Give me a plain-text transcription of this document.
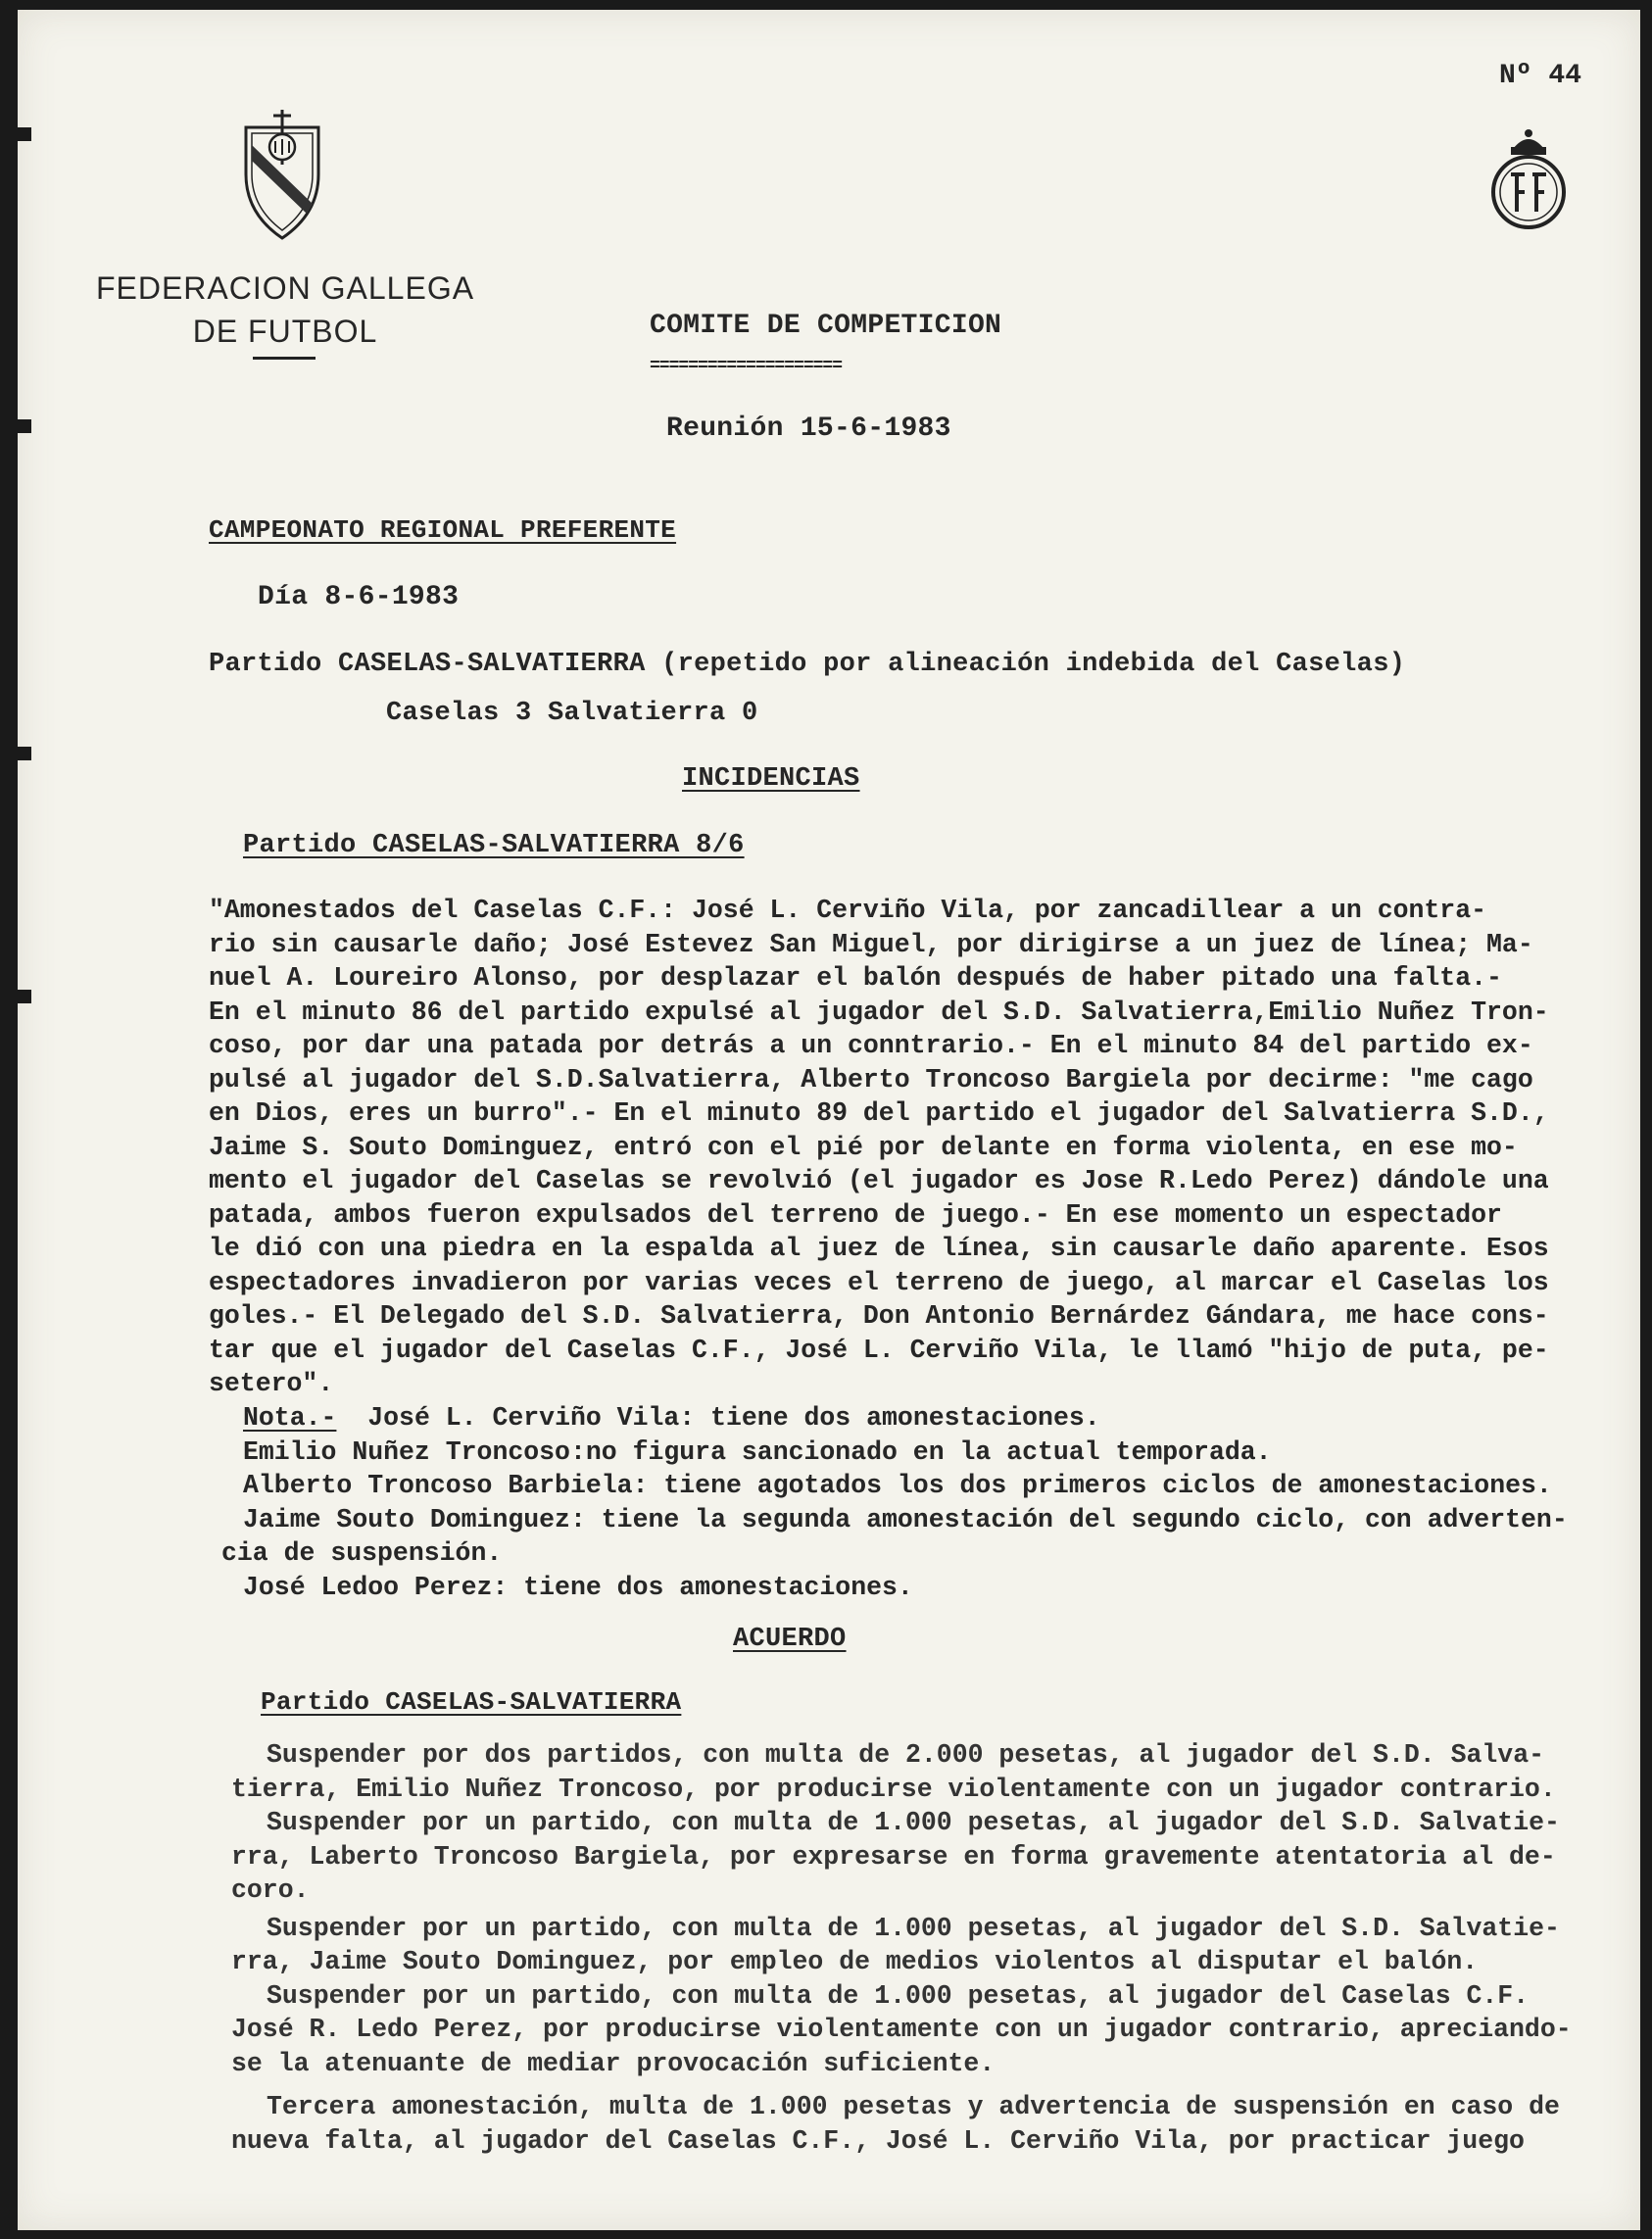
Nº 44
FEDERACION GALLEGA
DE FUTBOL	COMITE DE COMPETICION
====================
Reunión 15-6-1983
CAMPEONATO REGIONAL PREFERENTE
Día 8-6-1983
Partido CASELAS-SALVATIERRA (repetido por alineación indebida del Caselas)
Caselas 3 Salvatierra 0
INCIDENCIAS
Partido CASELAS-SALVATIERRA 8/6

"Amonestados del Caselas C.F.: José L. Cerviño Vila, por zancadillear a un contra-

rio sin causarle daño; José Estevez San Miguel, por dirigirse a un juez de línea; Ma-

nuel A. Loureiro Alonso, por desplazar el balón después de haber pitado una falta.-

En el minuto 86 del partido expulsé al jugador del S.D. Salvatierra,Emilio Nuñez Tron-

coso, por dar una patada por detrás a un conntrario.- En el minuto 84 del partido ex-

pulsé al jugador del S.D.Salvatierra, Alberto Troncoso Bargiela por decirme: "me cago

en Dios, eres un burro".- En el minuto 89 del partido el jugador del Salvatierra S.D.,

Jaime S. Souto Dominguez, entró con el pié por delante en forma violenta, en ese mo-

mento el jugador del Caselas se revolvió (el jugador es Jose R.Ledo Perez) dándole una

patada, ambos fueron expulsados del terreno de juego.- En ese momento un espectador

le dió con una piedra en la espalda al juez de línea, sin causarle daño aparente. Esos

espectadores invadieron por varias veces el terreno de juego, al marcar el Caselas los

goles.- El Delegado del S.D. Salvatierra, Don Antonio Bernárdez Gándara, me hace cons-

tar que el jugador del Caselas C.F., José L. Cerviño Vila, le llamó "hijo de puta, pe-

setero".

Nota.- José L. Cerviño Vila: tiene dos amonestaciones.

Emilio Nuñez Troncoso:no figura sancionado en la actual temporada.

Alberto Troncoso Barbiela: tiene agotados los dos primeros ciclos de amonestaciones.

Jaime Souto Dominguez: tiene la segunda amonestación del segundo ciclo, con adverten-

cia de suspensión.

José Ledoo Perez: tiene dos amonestaciones.

ACUERDO
Partido CASELAS-SALVATIERRA

Suspender por dos partidos, con multa de 2.000 pesetas, al jugador del S.D. Salva-

tierra, Emilio Nuñez Troncoso, por producirse violentamente con un jugador contrario.

Suspender por un partido, con multa de 1.000 pesetas, al jugador del S.D. Salvatie-

rra, Laberto Troncoso Bargiela, por expresarse en forma gravemente atentatoria al de-

coro.

Suspender por un partido, con multa de 1.000 pesetas, al jugador del S.D. Salvatie-

rra, Jaime Souto Dominguez, por empleo de medios violentos al disputar el balón.

Suspender por un partido, con multa de 1.000 pesetas, al jugador del Caselas C.F.

José R. Ledo Perez, por producirse violentamente con un jugador contrario, apreciando-

se la atenuante de mediar provocación suficiente.

Tercera amonestación, multa de 1.000 pesetas y advertencia de suspensión en caso de

nueva falta, al jugador del Caselas C.F., José L. Cerviño Vila, por practicar juego
